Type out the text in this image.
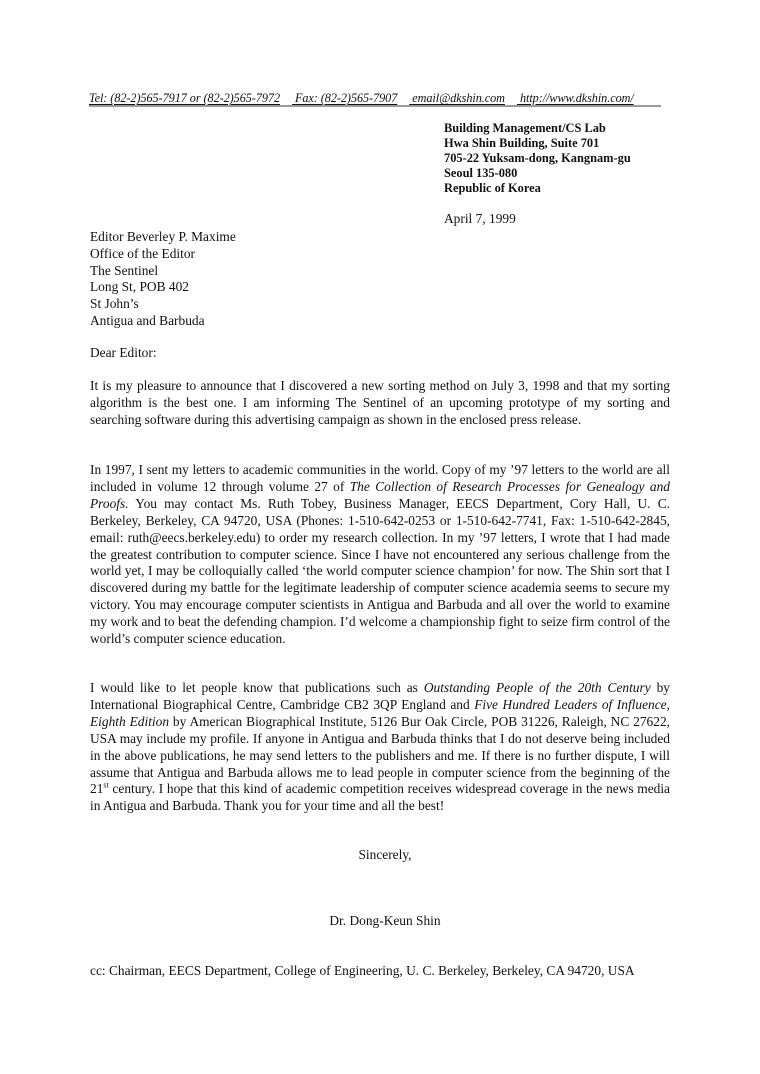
Tel: (82-2)565-7917 or (82-2)565-7972 Fax: (82-2)565-7907 email@dkshin.com http://www.dkshin.com/
Building Management/CS Lab
Hwa Shin Building, Suite 701
705-22 Yuksam-dong, Kangnam-gu
Seoul 135-080
Republic of Korea
April 7, 1999
Editor Beverley P. Maxime
Office of the Editor
The Sentinel
Long St, POB 402
St John’s
Antigua and Barbuda
Dear Editor:

It is my pleasure to announce that I discovered a new sorting method on July 3, 1998 and that my sorting algorithm is the best one. I am informing The Sentinel of an upcoming prototype of my sorting and searching software during this advertising campaign as shown in the enclosed press release.

In 1997, I sent my letters to academic communities in the world. Copy of my ’97 letters to the world are all included in volume 12 through volume 27 of The Collection of Research Processes for Genealogy and Proofs. You may contact Ms. Ruth Tobey, Business Manager, EECS Department, Cory Hall, U. C. Berkeley, Berkeley, CA 94720, USA (Phones: 1-510-642-0253 or 1-510-642-7741, Fax: 1-510-642-2845, email: ruth@eecs.berkeley.edu) to order my research collection. In my ’97 letters, I wrote that I had made the greatest contribution to computer science. Since I have not encountered any serious challenge from the world yet, I may be colloquially called ‘the world computer science champion’ for now. The Shin sort that I discovered during my battle for the legitimate leadership of computer science academia seems to secure my victory. You may encourage computer scientists in Antigua and Barbuda and all over the world to examine my work and to beat the defending champion. I’d welcome a championship fight to seize firm control of the world’s computer science education.

I would like to let people know that publications such as Outstanding People of the 20th Century by International Biographical Centre, Cambridge CB2 3QP England and Five Hundred Leaders of Influence, Eighth Edition by American Biographical Institute, 5126 Bur Oak Circle, POB 31226, Raleigh, NC 27622, USA may include my profile. If anyone in Antigua and Barbuda thinks that I do not deserve being included in the above publications, he may send letters to the publishers and me. If there is no further dispute, I will assume that Antigua and Barbuda allows me to lead people in computer science from the beginning of the 21st century. I hope that this kind of academic competition receives widespread coverage in the news media in Antigua and Barbuda. Thank you for your time and all the best!

Sincerely,
Dr. Dong-Keun Shin
cc: Chairman, EECS Department, College of Engineering, U. C. Berkeley, Berkeley, CA 94720, USA
